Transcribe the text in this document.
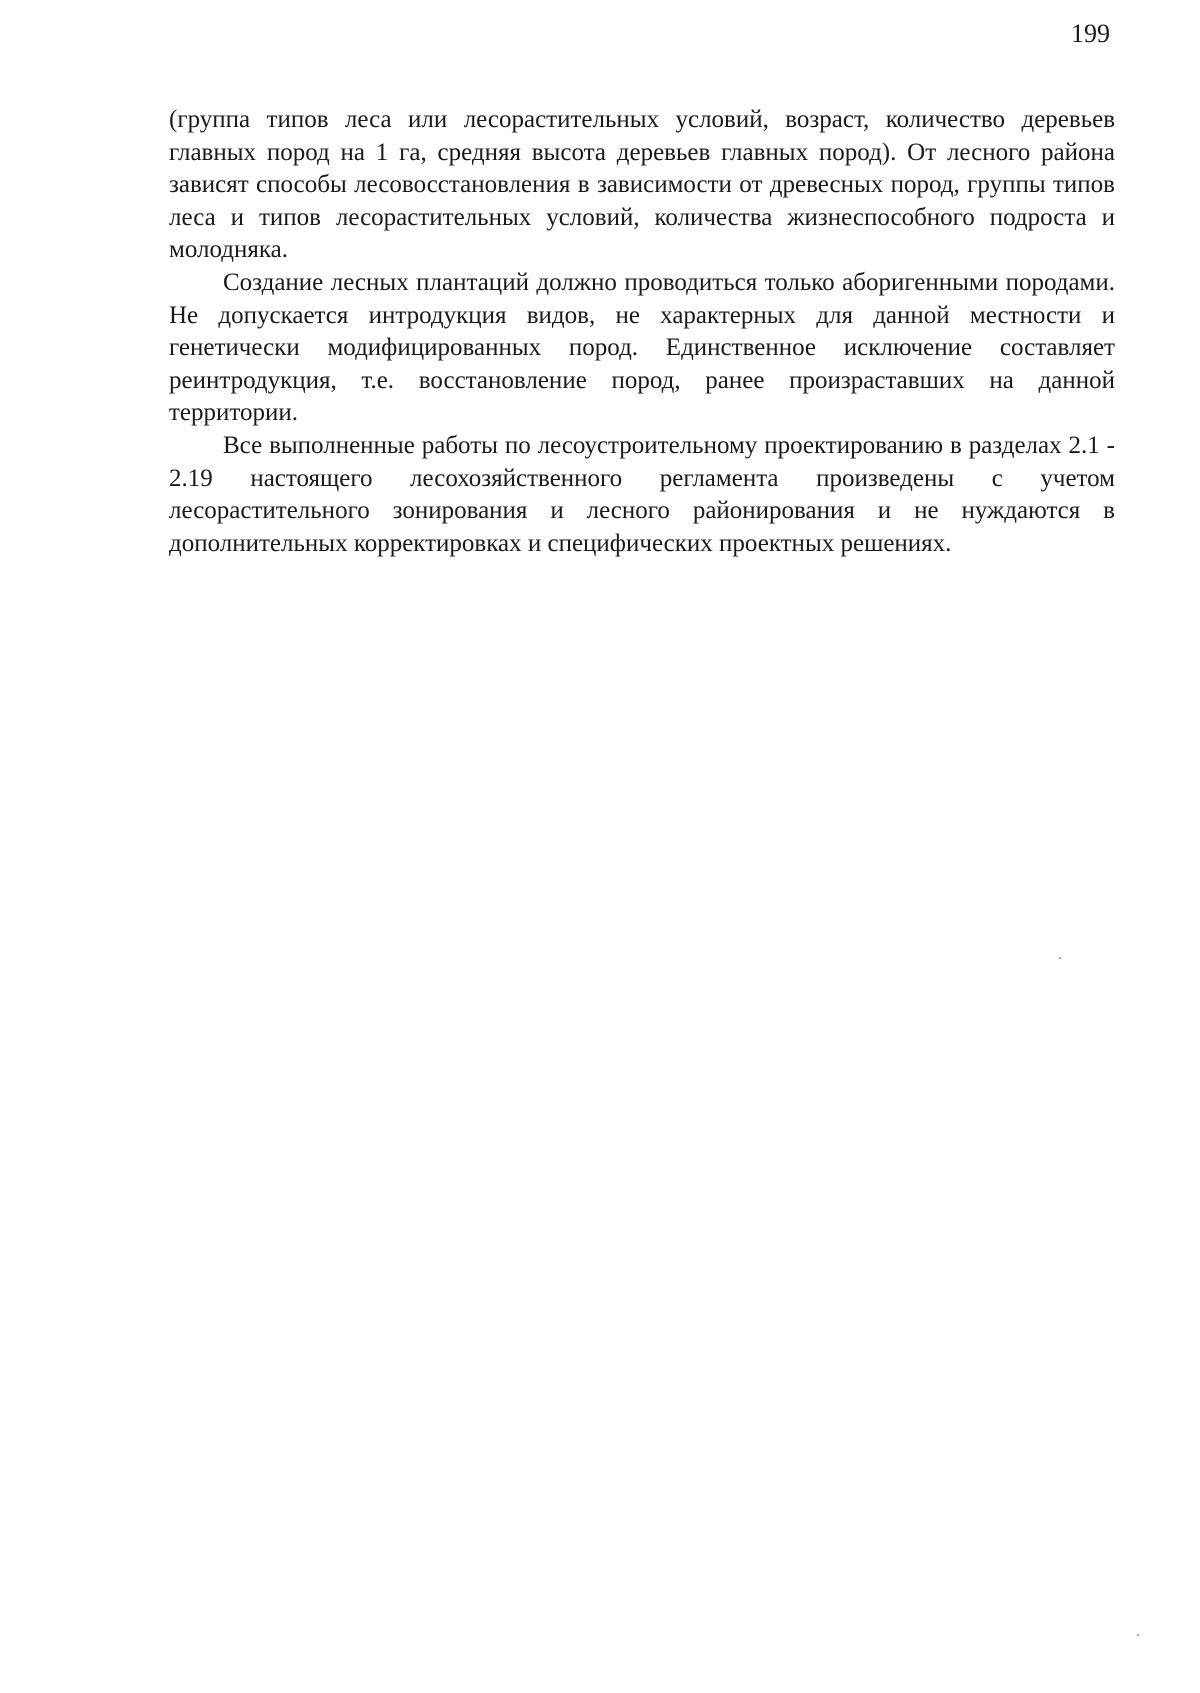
199

(группа типов леса или лесорастительных условий, возраст, количество деревьев главных пород на 1 га, средняя высота деревьев главных пород). От лесного района зависят способы лесовосстановления в зависимости от древесных пород, группы типов леса и типов лесорастительных условий, количества жизнеспособного подроста и молодняка.

Создание лесных плантаций должно проводиться только аборигенными породами. Не допускается интродукция видов, не характерных для данной местности и генетически модифицированных пород. Единственное исключение составляет реинтродукция, т.е. восстановление пород, ранее произраставших на данной территории.

Все выполненные работы по лесоустроительному проектированию в разделах 2.1 - 2.19 настоящего лесохозяйственного регламента произведены с учетом лесорастительного зонирования и лесного районирования и не нуждаются в дополнительных корректировках и специфических проектных решениях.
